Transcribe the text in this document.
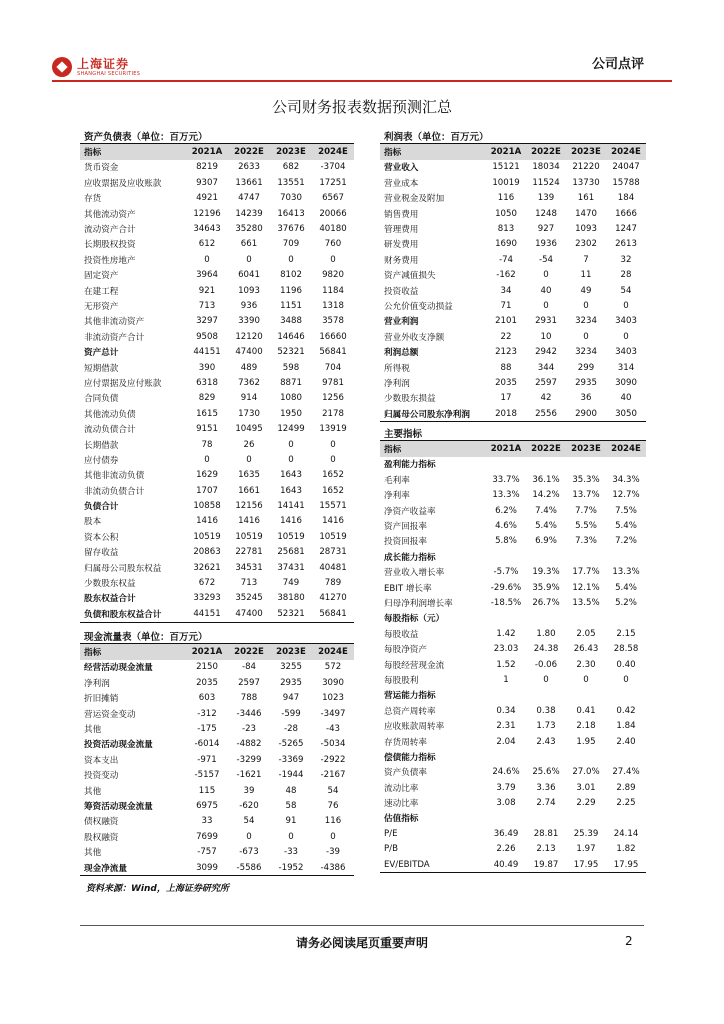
上海证券
SHANGHAI SECURITIES
公司点评
公司财务报表数据预测汇总
资产负债表（单位：百万元）				
指标	2021A	2022E	2023E	2024E
货币资金	8219	2633	682	-3704
应收票据及应收账款	9307	13661	13551	17251
存货	4921	4747	7030	6567
其他流动资产	12196	14239	16413	20066
流动资产合计	34643	35280	37676	40180
长期股权投资	612	661	709	760
投资性房地产	0	0	0	0
固定资产	3964	6041	8102	9820
在建工程	921	1093	1196	1184
无形资产	713	936	1151	1318
其他非流动资产	3297	3390	3488	3578
非流动资产合计	9508	12120	14646	16660
资产总计	44151	47400	52321	56841
短期借款	390	489	598	704
应付票据及应付账款	6318	7362	8871	9781
合同负债	829	914	1080	1256
其他流动负债	1615	1730	1950	2178
流动负债合计	9151	10495	12499	13919
长期借款	78	26	0	0
应付债券	0	0	0	0
其他非流动负债	1629	1635	1643	1652
非流动负债合计	1707	1661	1643	1652
负债合计	10858	12156	14141	15571
股本	1416	1416	1416	1416
资本公积	10519	10519	10519	10519
留存收益	20863	22781	25681	28731
归属母公司股东权益	32621	34531	37431	40481
少数股东权益	672	713	749	789
股东权益合计	33293	35245	38180	41270
负债和股东权益合计	44151	47400	52321	56841
现金流量表（单位：百万元）				
指标	2021A	2022E	2023E	2024E
经营活动现金流量	2150	-84	3255	572
净利润	2035	2597	2935	3090
折旧摊销	603	788	947	1023
营运资金变动	-312	-3446	-599	-3497
其他	-175	-23	-28	-43
投资活动现金流量	-6014	-4882	-5265	-5034
资本支出	-971	-3299	-3369	-2922
投资变动	-5157	-1621	-1944	-2167
其他	115	39	48	54
筹资活动现金流量	6975	-620	58	76
债权融资	33	54	91	116
股权融资	7699	0	0	0
其他	-757	-673	-33	-39
现金净流量	3099	-5586	-1952	-4386
利润表（单位：百万元）				
指标	2021A	2022E	2023E	2024E
营业收入	15121	18034	21220	24047
营业成本	10019	11524	13730	15788
营业税金及附加	116	139	161	184
销售费用	1050	1248	1470	1666
管理费用	813	927	1093	1247
研发费用	1690	1936	2302	2613
财务费用	-74	-54	7	32
资产减值损失	-162	0	11	28
投资收益	34	40	49	54
公允价值变动损益	71	0	0	0
营业利润	2101	2931	3234	3403
营业外收支净额	22	10	0	0
利润总额	2123	2942	3234	3403
所得税	88	344	299	314
净利润	2035	2597	2935	3090
少数股东损益	17	42	36	40
归属母公司股东净利润	2018	2556	2900	3050
主要指标				
指标	2021A	2022E	2023E	2024E
盈利能力指标				
毛利率	33.7%	36.1%	35.3%	34.3%
净利率	13.3%	14.2%	13.7%	12.7%
净资产收益率	6.2%	7.4%	7.7%	7.5%
资产回报率	4.6%	5.4%	5.5%	5.4%
投资回报率	5.8%	6.9%	7.3%	7.2%
成长能力指标				
营业收入增长率	-5.7%	19.3%	17.7%	13.3%
EBIT 增长率	-29.6%	35.9%	12.1%	5.4%
归母净利润增长率	-18.5%	26.7%	13.5%	5.2%
每股指标（元）				
每股收益	1.42	1.80	2.05	2.15
每股净资产	23.03	24.38	26.43	28.58
每股经营现金流	1.52	-0.06	2.30	0.40
每股股利	1	0	0	0
营运能力指标				
总资产周转率	0.34	0.38	0.41	0.42
应收账款周转率	2.31	1.73	2.18	1.84
存货周转率	2.04	2.43	1.95	2.40
偿债能力指标				
资产负债率	24.6%	25.6%	27.0%	27.4%
流动比率	3.79	3.36	3.01	2.89
速动比率	3.08	2.74	2.29	2.25
估值指标				
P/E	36.49	28.81	25.39	24.14
P/B	2.26	2.13	1.97	1.82
EV/EBITDA	40.49	19.87	17.95	17.95
资料来源：Wind，上海证券研究所
请务必阅读尾页重要声明	2
